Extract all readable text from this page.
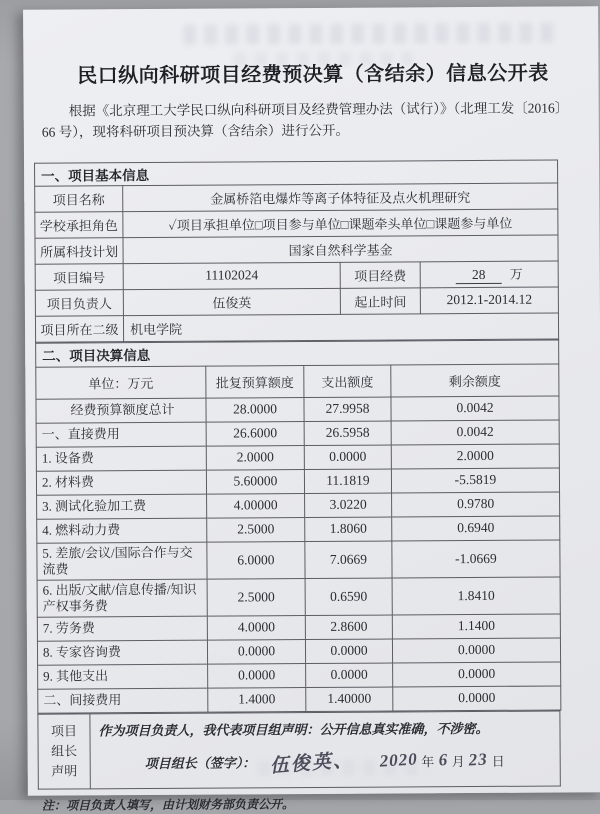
民口纵向科研项目经费预决算（含结余）信息公开表

根据《北京理工大学民口纵向科研项目及经费管理办法（试行）》（北理工发〔2016〕66 号），现将科研项目预决算（含结余）进行公开。

一、项目基本信息			
项目名称	金属桥箔电爆炸等离子体特征及点火机理研究		
学校承担角色	✓项目承担单位□项目参与单位□课题牵头单位□课题参与单位		
所属科技计划	国家自然科学基金		
项目编号	11102024	项目经费	28 万
项目负责人	伍俊英	起止时间	2012.1-2014.12
项目所在二级	机电学院		
二、项目决算信息			
单位：万元	批复预算额度	支出额度	剩余额度
经费预算额度总计	28.0000	27.9958	0.0042
一、直接费用	26.6000	26.5958	0.0042
1. 设备费	2.0000	0.0000	2.0000
2. 材料费	5.60000	11.1819	-5.5819
3. 测试化验加工费	4.00000	3.0220	0.9780
4. 燃料动力费	2.5000	1.8060	0.6940
5. 差旅/会议/国际合作与交流费	6.0000	7.0669	-1.0669
6. 出版/文献/信息传播/知识产权事务费	2.5000	0.6590	1.8410
7. 劳务费	4.0000	2.8600	1.1400
8. 专家咨询费	0.0000	0.0000	0.0000
9. 其他支出	0.0000	0.0000	0.0000
二、间接费用	1.4000	1.40000	0.0000
项目
组长
声明

作为项目负责人，我代表项目组声明：公开信息真实准确，不涉密。
项目组长（签字）： 伍俊英、 2020 年 6 月 23 日

注：项目负责人填写，由计划财务部负责公开。
